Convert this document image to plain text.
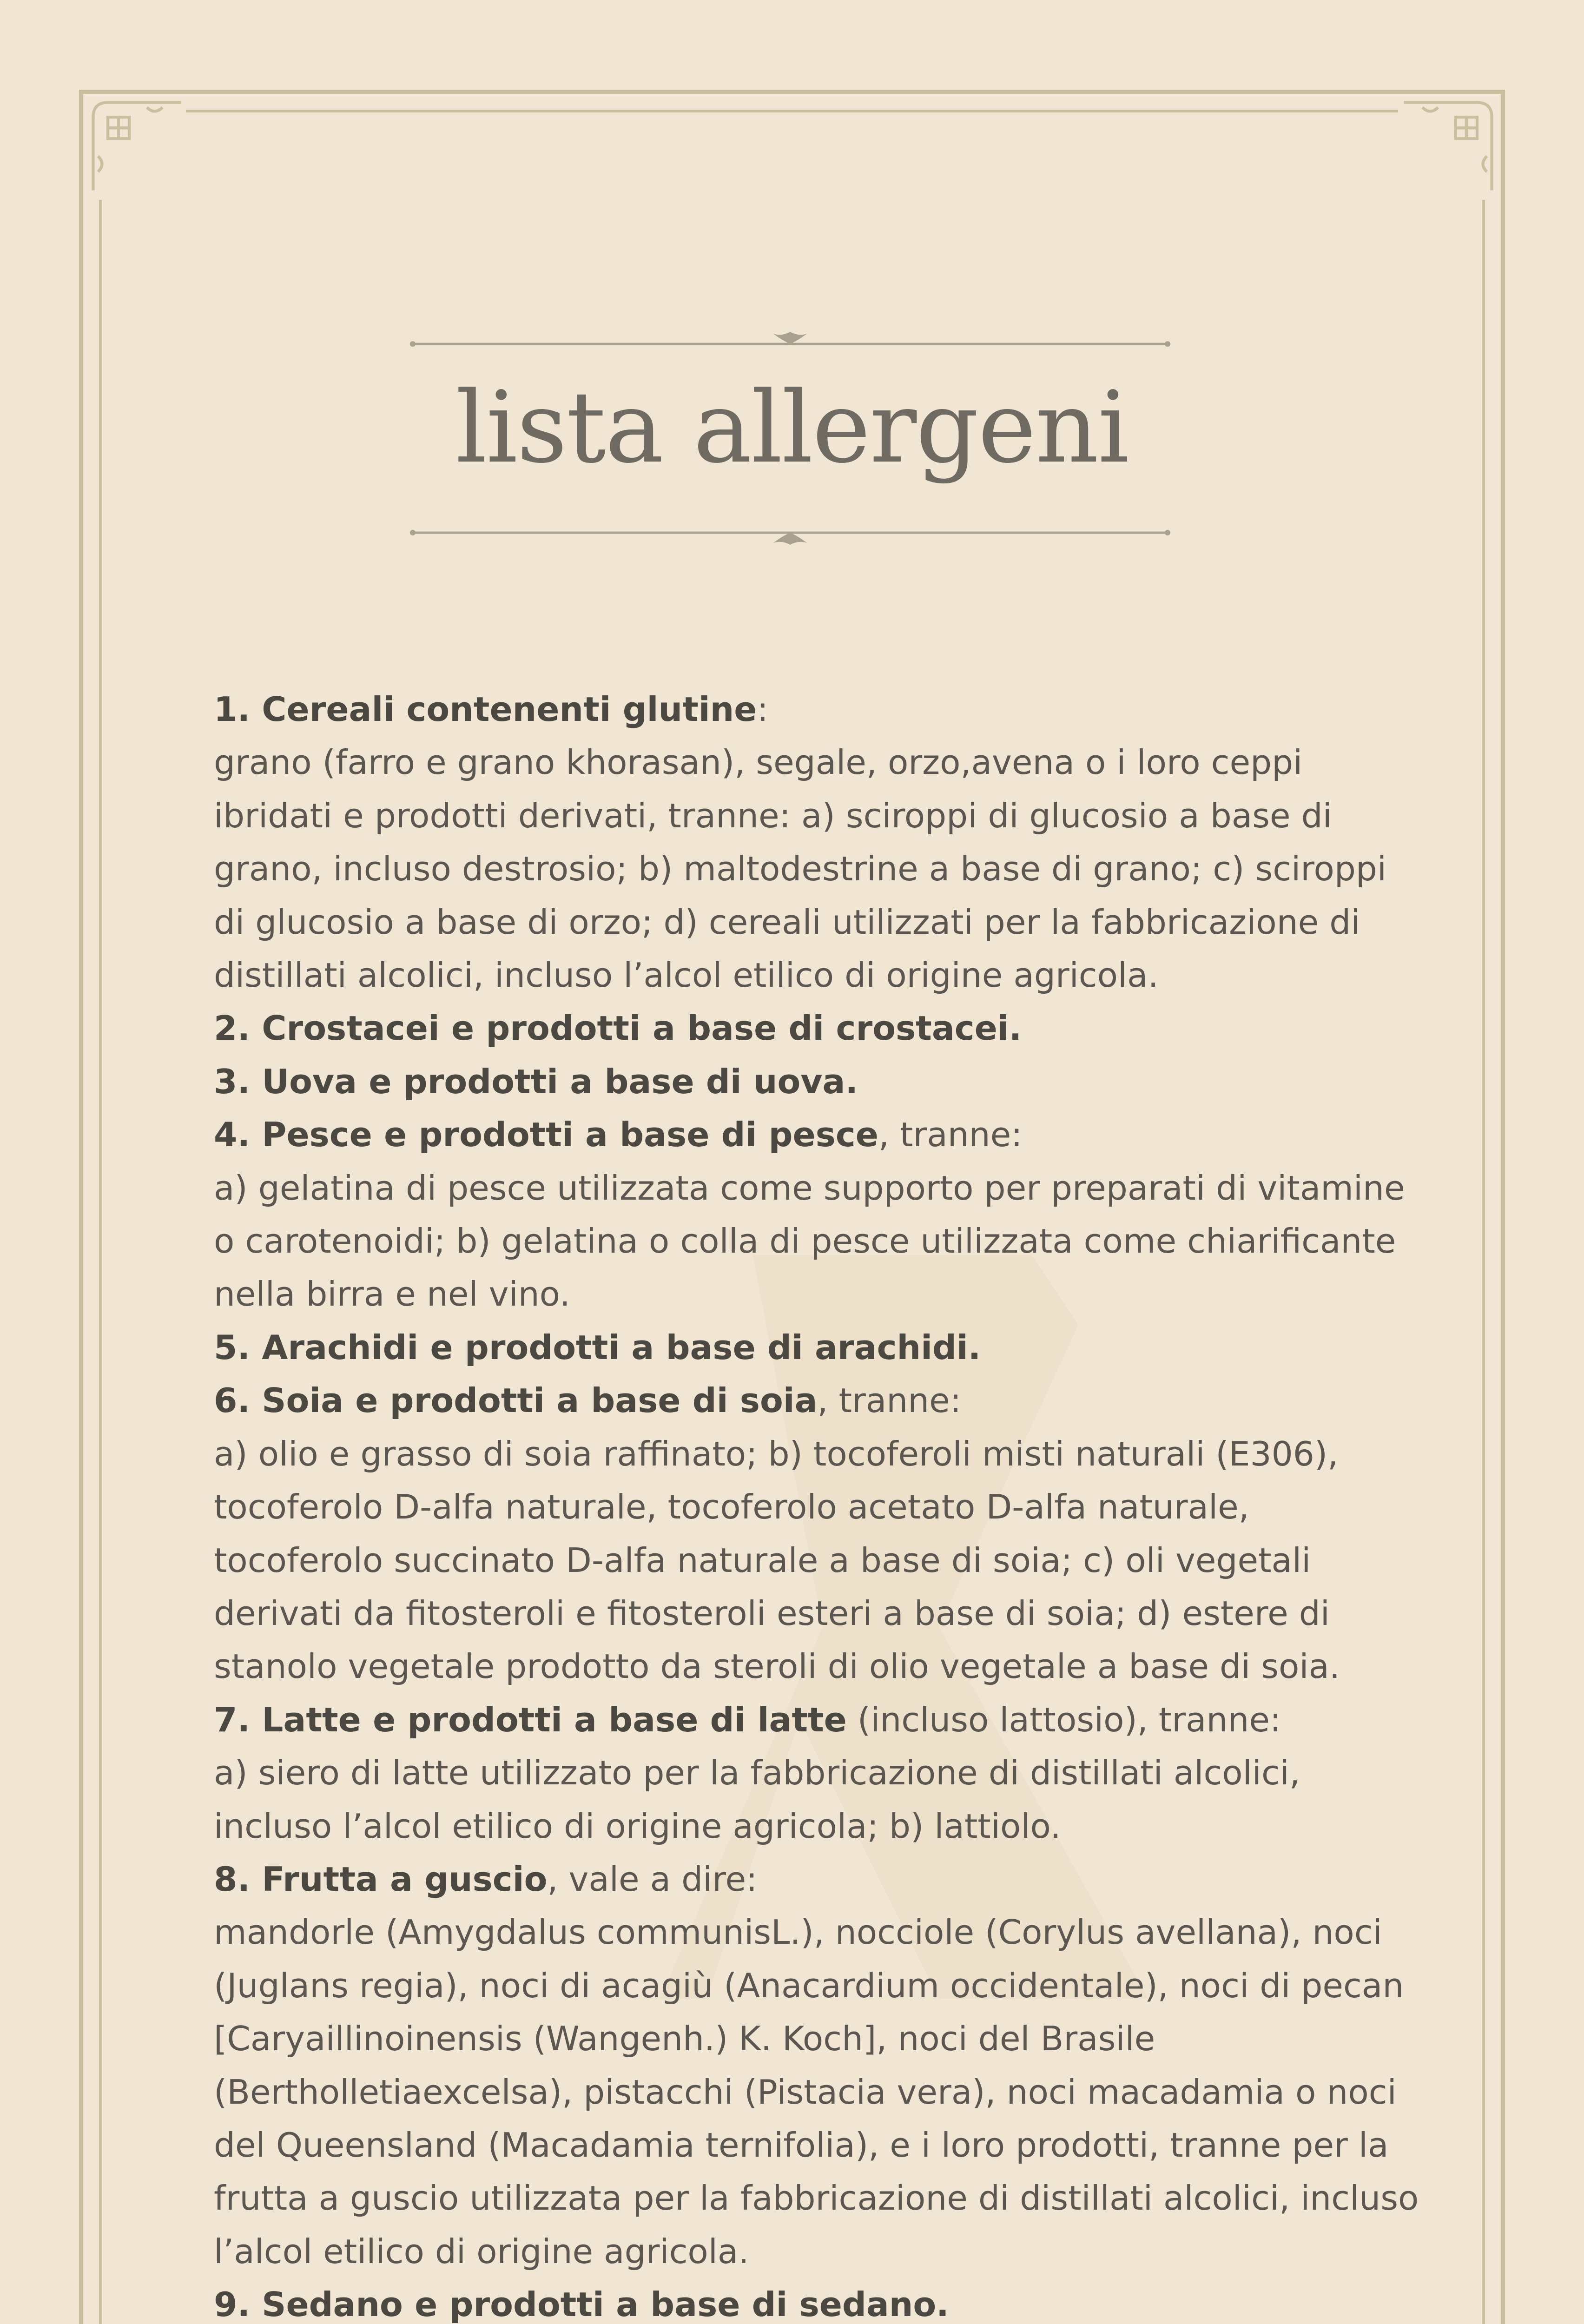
lista allergeni
1. Cereali contenenti glutine:
grano (farro e grano khorasan), segale, orzo,avena o i loro ceppi ibridati e prodotti derivati, tranne: a) sciroppi di glucosio a base di grano, incluso destrosio; b) maltodestrine a base di grano; c) sciroppi di glucosio a base di orzo; d) cereali utilizzati per la fabbricazione di distillati alcolici, incluso l’alcol etilico di origine agricola.
2. Crostacei e prodotti a base di crostacei.
3. Uova e prodotti a base di uova.
4. Pesce e prodotti a base di pesce, tranne:
a) gelatina di pesce utilizzata come supporto per preparati di vitamine o carotenoidi; b) gelatina o colla di pesce utilizzata come chiarificante nella birra e nel vino.
5. Arachidi e prodotti a base di arachidi.
6. Soia e prodotti a base di soia, tranne:
a) olio e grasso di soia raffinato; b) tocoferoli misti naturali (E306), tocoferolo D-alfa naturale, tocoferolo acetato D-alfa naturale, tocoferolo succinato D-alfa naturale a base di soia; c) oli vegetali derivati da fitosteroli e fitosteroli esteri a base di soia; d) estere di stanolo vegetale prodotto da steroli di olio vegetale a base di soia.
7. Latte e prodotti a base di latte (incluso lattosio), tranne:
a) siero di latte utilizzato per la fabbricazione di distillati alcolici, incluso l’alcol etilico di origine agricola; b) lattiolo.
8. Frutta a guscio, vale a dire:
mandorle (Amygdalus communisL.), nocciole (Corylus avellana), noci (Juglans regia), noci di acagiù (Anacardium occidentale), noci di pecan [Caryaillinoinensis (Wangenh.) K. Koch], noci del Brasile (Bertholletiaexcelsa), pistacchi (Pistacia vera), noci macadamia o noci del Queensland (Macadamia ternifolia), e i loro prodotti, tranne per la frutta a guscio utilizzata per la fabbricazione di distillati alcolici, incluso l’alcol etilico di origine agricola.
9. Sedano e prodotti a base di sedano.
